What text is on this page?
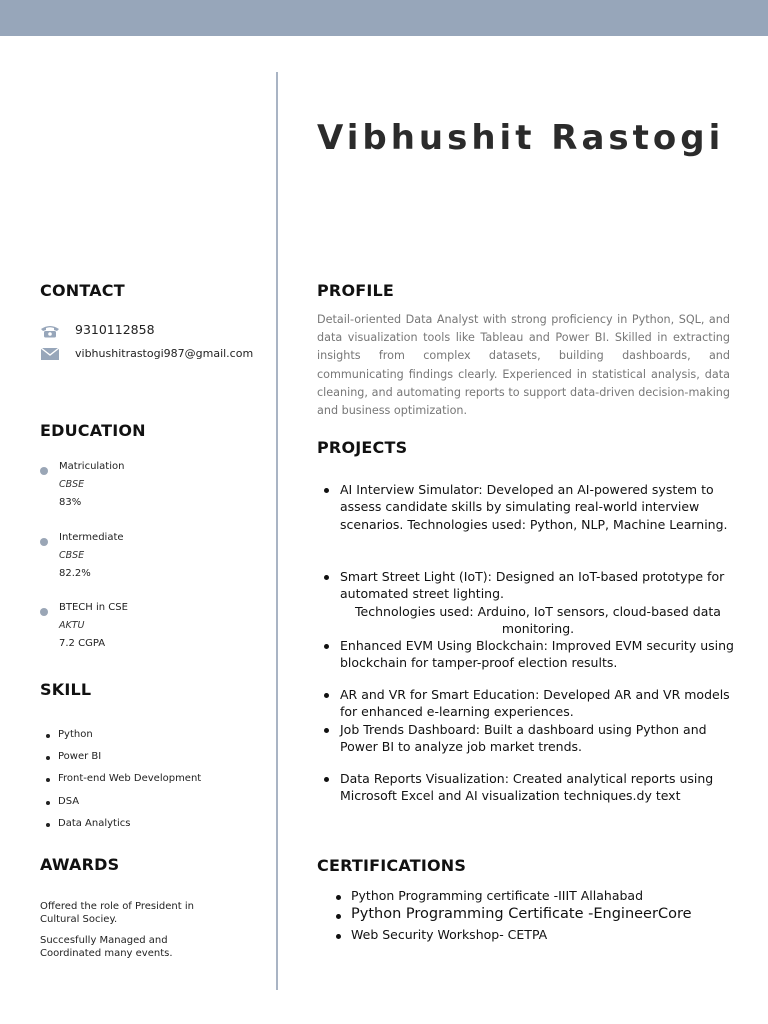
Vibhushit Rastogi
CONTACT
9310112858
vibhushitrastogi987@gmail.com
EDUCATION
Matriculation
CBSE
83%
Intermediate
CBSE
82.2%
BTECH in CSE
AKTU
7.2 CGPA
SKILL
Python
Power BI
Front-end Web Development
DSA
Data Analytics
AWARDS
Offered the role of President in Cultural Sociey.
Succesfully Managed and Coordinated many events.
PROFILE

Detail-oriented Data Analyst with strong proficiency in Python, SQL, and data visualization tools like Tableau and Power BI. Skilled in extracting insights from complex datasets, building dashboards, and communicating findings clearly. Experienced in statistical analysis, data cleaning, and automating reports to support data-driven decision-making and business optimization.

PROJECTS
AI Interview Simulator: Developed an AI-powered system to assess candidate skills by simulating real-world interview scenarios. Technologies used: Python, NLP, Machine Learning.
Smart Street Light (IoT): Designed an IoT-based prototype for automated street lighting.
Technologies used: Arduino, IoT sensors, cloud-based data monitoring.
Enhanced EVM Using Blockchain: Improved EVM security using blockchain for tamper-proof election results.
AR and VR for Smart Education: Developed AR and VR models for enhanced e-learning experiences.
Job Trends Dashboard: Built a dashboard using Python and Power BI to analyze job market trends.
Data Reports Visualization: Created analytical reports using Microsoft Excel and AI visualization techniques.dy text
CERTIFICATIONS
Python Programming certificate -IIIT Allahabad
Python Programming Certificate -EngineerCore
Web Security Workshop- CETPA
